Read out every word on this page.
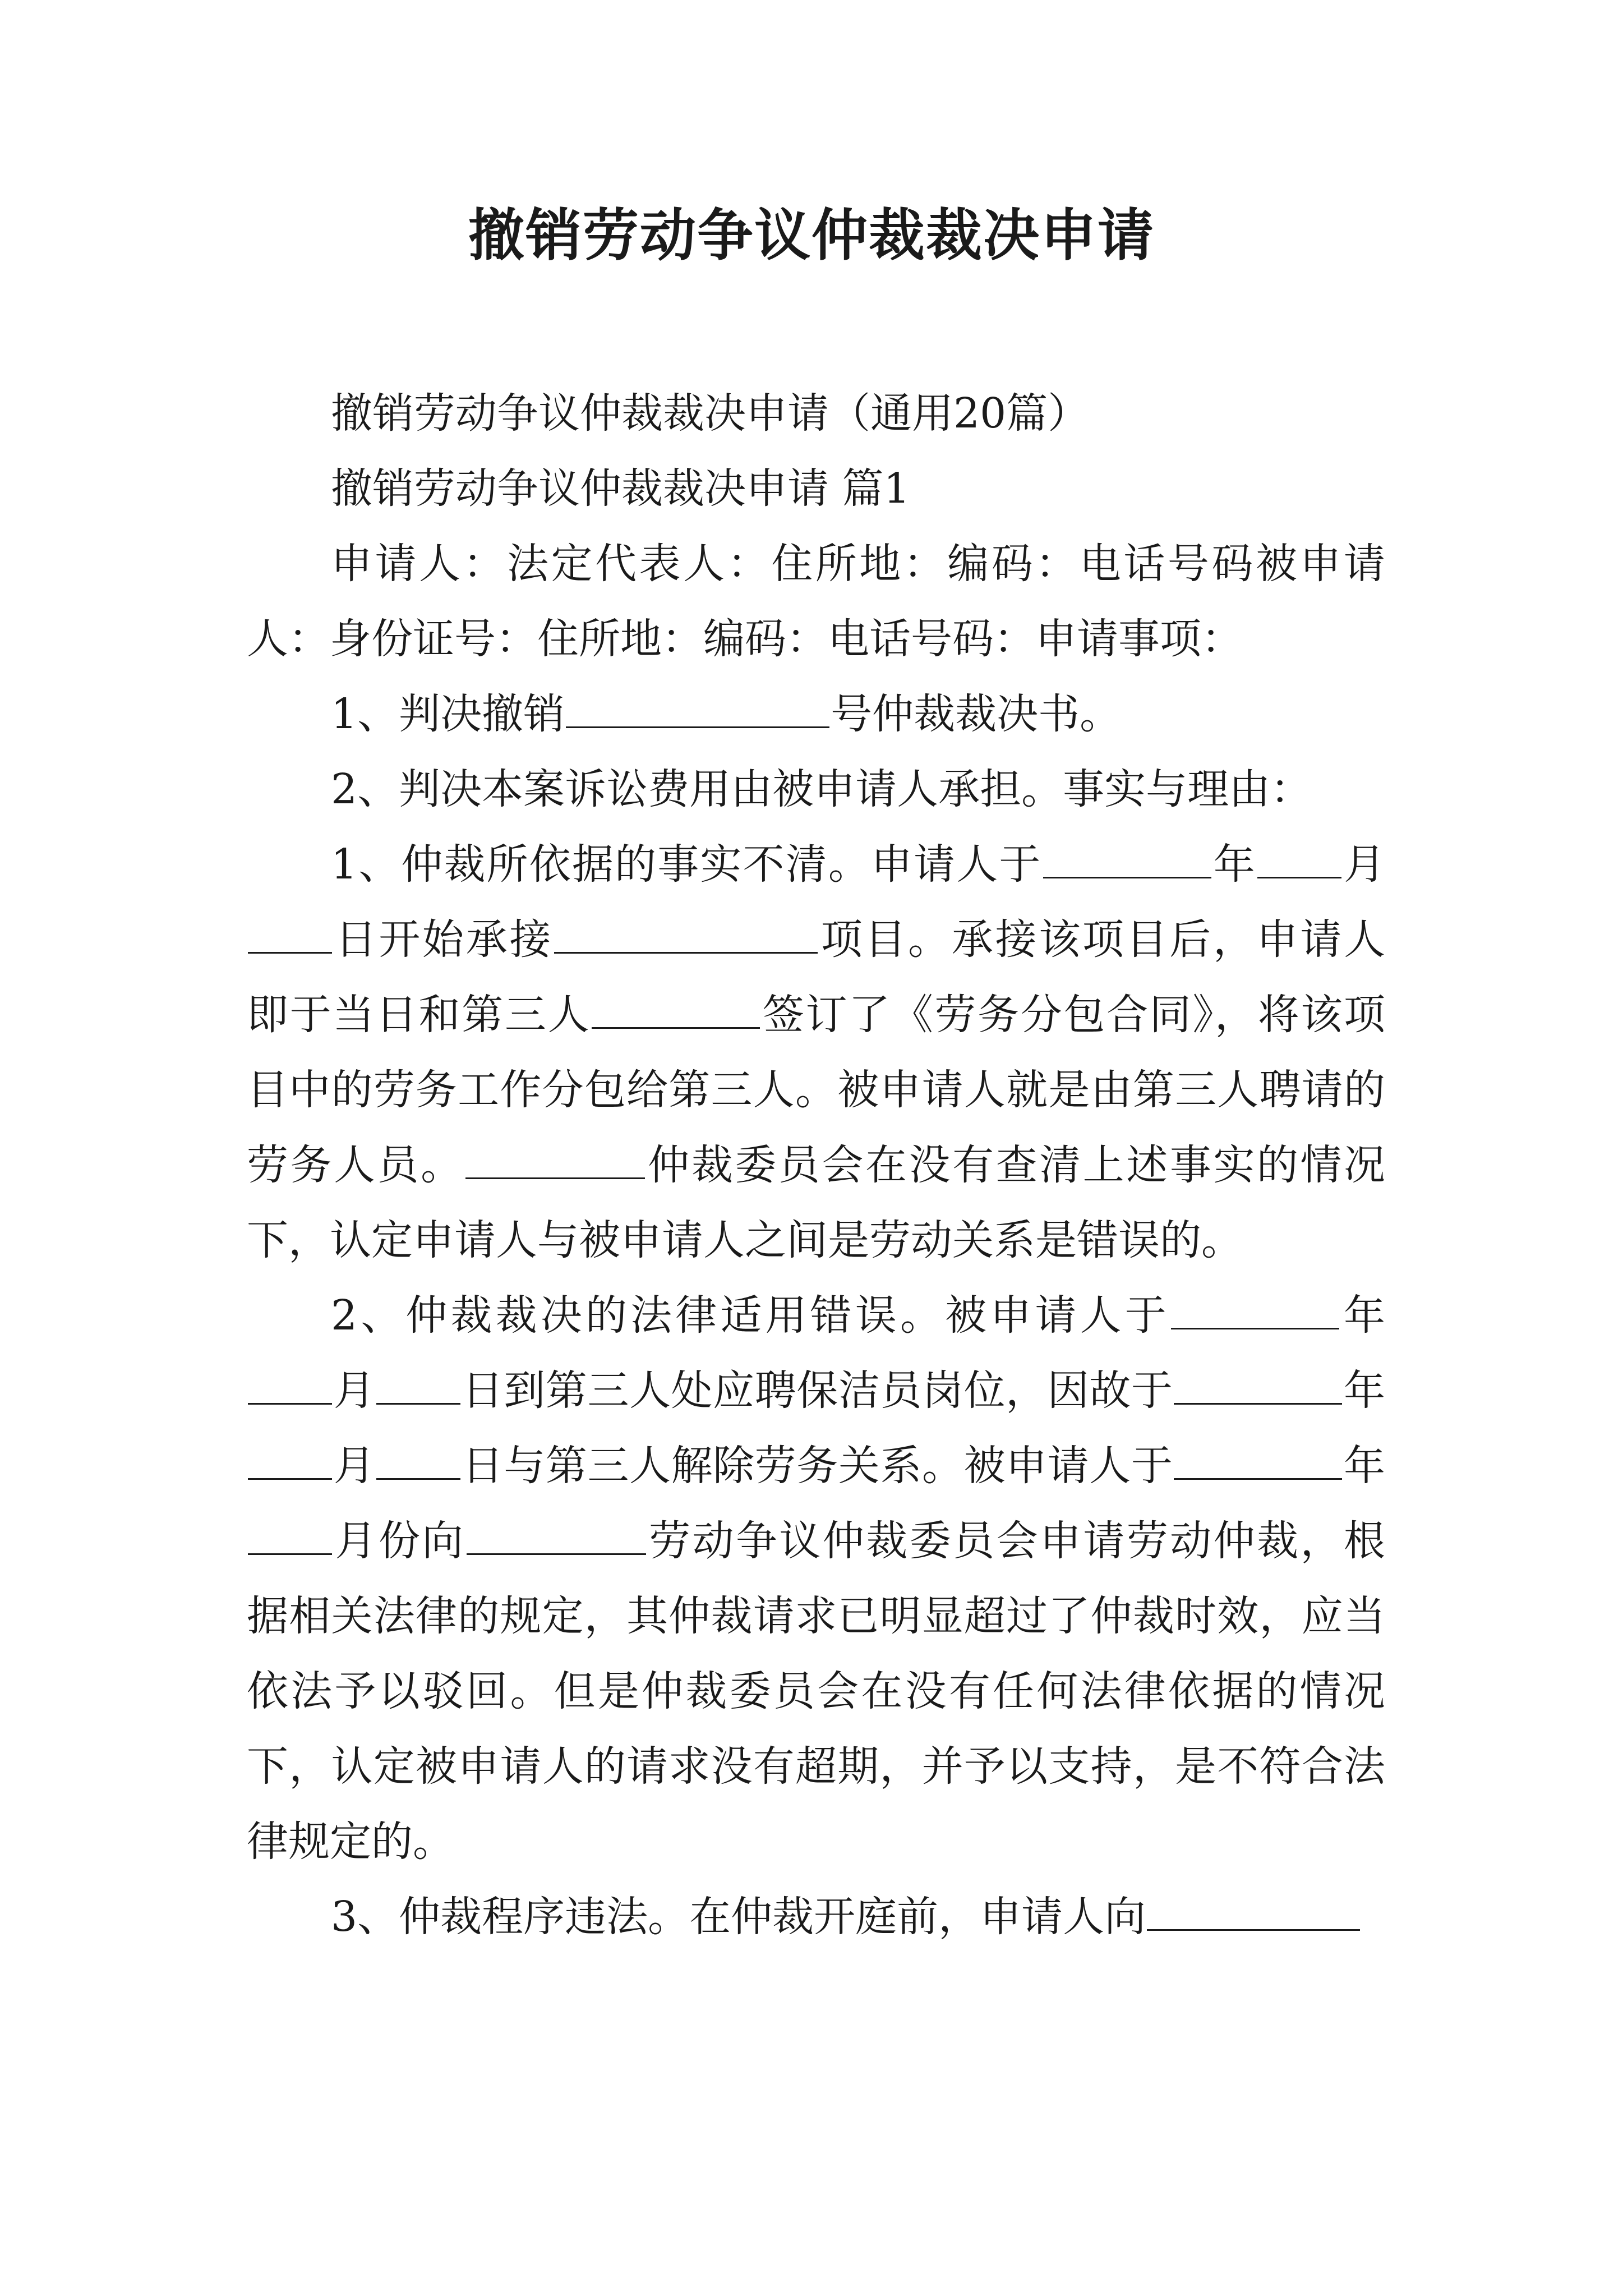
撤销劳动争议仲裁裁决申请

撤销劳动争议仲裁裁决申请（通用20篇）

撤销劳动争议仲裁裁决申请 篇1

申请人：法定代表人：住所地：编码：电话号码被申请人：身份证号：住所地：编码：电话号码：申请事项：

1、判决撤销	号仲裁裁决书。

2、判决本案诉讼费用由被申请人承担。事实与理由：

1、仲裁所依据的事实不清。申请人于	年 月日开始承接	项目。承接该项目后，申请人即于当日和第三人	签订了《劳务分包合同》，将该项目中的劳务工作分包给第三人。被申请人就是由第三人聘请的劳务人员。	仲裁委员会在没有查清上述事实的情况下，认定申请人与被申请人之间是劳动关系是错误的。

2、仲裁裁决的法律适用错误。被申请人于	年月 日到第三人处应聘保洁员岗位，因故于	年月 日与第三人解除劳务关系。被申请人于	年月份向	劳动争议仲裁委员会申请劳动仲裁，根据相关法律的规定，其仲裁请求已明显超过了仲裁时效，应当依法予以驳回。但是仲裁委员会在没有任何法律依据的情况下，认定被申请人的请求没有超期，并予以支持，是不符合法律规定的。

3、仲裁程序违法。在仲裁开庭前，申请人向
